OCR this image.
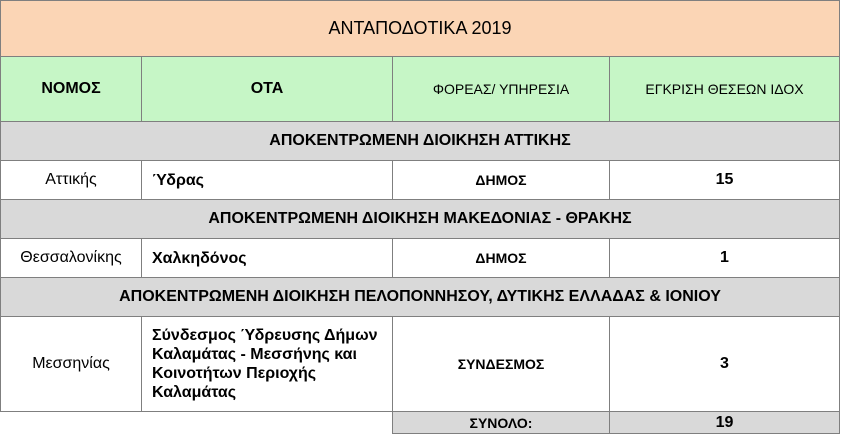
ΑΝΤΑΠΟΔΟΤΙΚΑ 2019			
ΝΟΜΟΣ	ΟΤΑ	ΦΟΡΕΑΣ/ ΥΠΗΡΕΣΙΑ	ΕΓΚΡΙΣΗ ΘΕΣΕΩΝ ΙΔΟΧ
ΑΠΟΚΕΝΤΡΩΜΕΝΗ ΔΙΟΙΚΗΣΗ ΑΤΤΙΚΗΣ			
Αττικής	Ύδρας	ΔΗΜΟΣ	15
ΑΠΟΚΕΝΤΡΩΜΕΝΗ ΔΙΟΙΚΗΣΗ ΜΑΚΕΔΟΝΙΑΣ - ΘΡΑΚΗΣ			
Θεσσαλονίκης	Χαλκηδόνος	ΔΗΜΟΣ	1
ΑΠΟΚΕΝΤΡΩΜΕΝΗ ΔΙΟΙΚΗΣΗ ΠΕΛΟΠΟΝΝΗΣΟΥ, ΔΥΤΙΚΗΣ ΕΛΛΑΔΑΣ & ΙΟΝΙΟΥ			
Μεσσηνίας	Σύνδεσμος Ύδρευσης Δήμων Καλαμάτας - Μεσσήνης και Κοινοτήτων Περιοχής Καλαμάτας	ΣΥΝΔΕΣΜΟΣ	3
		ΣΥΝΟΛΟ:	19
